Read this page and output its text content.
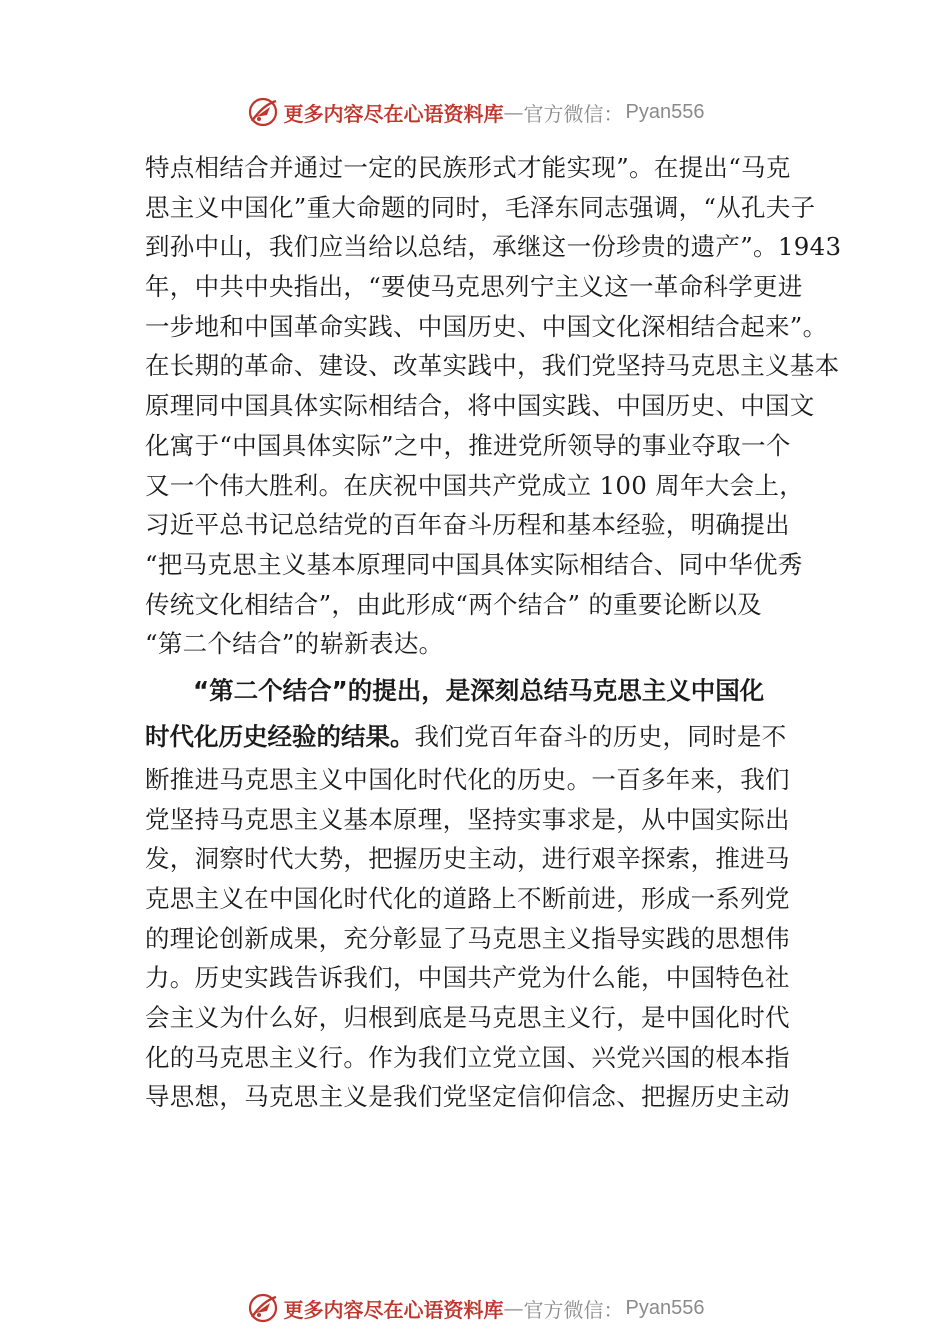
更多内容尽在心语资料库 — 官方微信： Pyan556
特点相结合并通过一定的民族形式才能实现”。在提出“马克
思主义中国化”重大命题的同时，毛泽东同志强调，“从孔夫子
到孙中山，我们应当给以总结，承继这一份珍贵的遗产”。1943
年，中共中央指出，“要使马克思列宁主义这一革命科学更进
一步地和中国革命实践、中国历史、中国文化深相结合起来”。
在长期的革命、建设、改革实践中，我们党坚持马克思主义基本
原理同中国具体实际相结合，将中国实践、中国历史、中国文
化寓于“中国具体实际”之中，推进党所领导的事业夺取一个
又一个伟大胜利。在庆祝中国共产党成立 100 周年大会上，
习近平总书记总结党的百年奋斗历程和基本经验，明确提出
“把马克思主义基本原理同中国具体实际相结合、同中华优秀
传统文化相结合”，由此形成“两个结合” 的重要论断以及
“第二个结合”的崭新表达。
“第二个结合”的提出，是深刻总结马克思主义中国化
时代化历史经验的结果。我们党百年奋斗的历史，同时是不
断推进马克思主义中国化时代化的历史。一百多年来，我们
党坚持马克思主义基本原理，坚持实事求是，从中国实际出
发，洞察时代大势，把握历史主动，进行艰辛探索，推进马
克思主义在中国化时代化的道路上不断前进，形成一系列党
的理论创新成果，充分彰显了马克思主义指导实践的思想伟
力。历史实践告诉我们，中国共产党为什么能，中国特色社
会主义为什么好，归根到底是马克思主义行，是中国化时代
化的马克思主义行。作为我们立党立国、兴党兴国的根本指
导思想，马克思主义是我们党坚定信仰信念、把握历史主动
更多内容尽在心语资料库 — 官方微信： Pyan556
